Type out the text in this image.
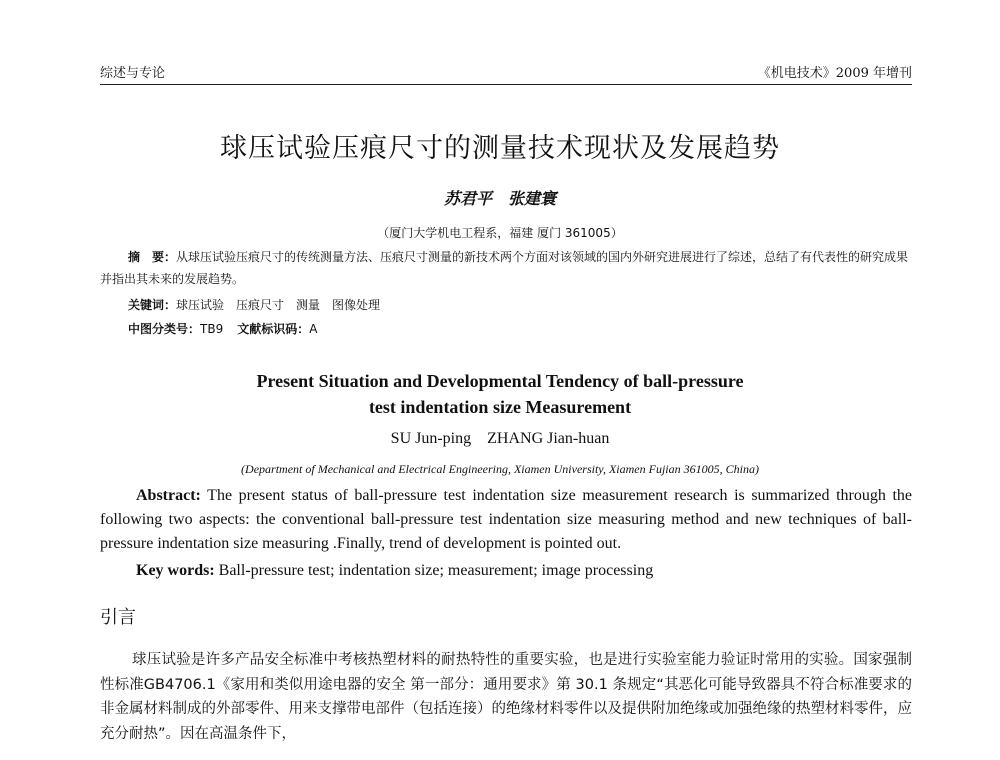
综述与专论	《机电技术》2009 年增刊
球压试验压痕尺寸的测量技术现状及发展趋势
苏君平　张建寰
（厦门大学机电工程系，福建 厦门 361005）
摘　要：从球压试验压痕尺寸的传统测量方法、压痕尺寸测量的新技术两个方面对该领域的国内外研究进展进行了综述，总结了有代表性的研究成果并指出其未来的发展趋势。
关键词：球压试验　压痕尺寸　测量　图像处理
中图分类号：TB9 文献标识码：A
Present Situation and Developmental Tendency of ball-pressure
test indentation size Measurement
SU Jun-ping ZHANG Jian-huan
(Department of Mechanical and Electrical Engineering, Xiamen University, Xiamen Fujian 361005, China)
Abstract: The present status of ball-pressure test indentation size measurement research is summarized through the following two aspects: the conventional ball-pressure test indentation size measuring method and new techniques of ball-pressure indentation size measuring .Finally, trend of development is pointed out.
Key words: Ball-pressure test; indentation size; measurement; image processing
引言
球压试验是许多产品安全标准中考核热塑材料的耐热特性的重要实验，也是进行实验室能力验证时常用的实验。国家强制性标准GB4706.1《家用和类似用途电器的安全 第一部分：通用要求》第 30.1 条规定“其恶化可能导致器具不符合标准要求的非金属材料制成的外部零件、用来支撑带电部件（包括连接）的绝缘材料零件以及提供附加绝缘或加强绝缘的热塑材料零件，应充分耐热”。因在高温条件下，
